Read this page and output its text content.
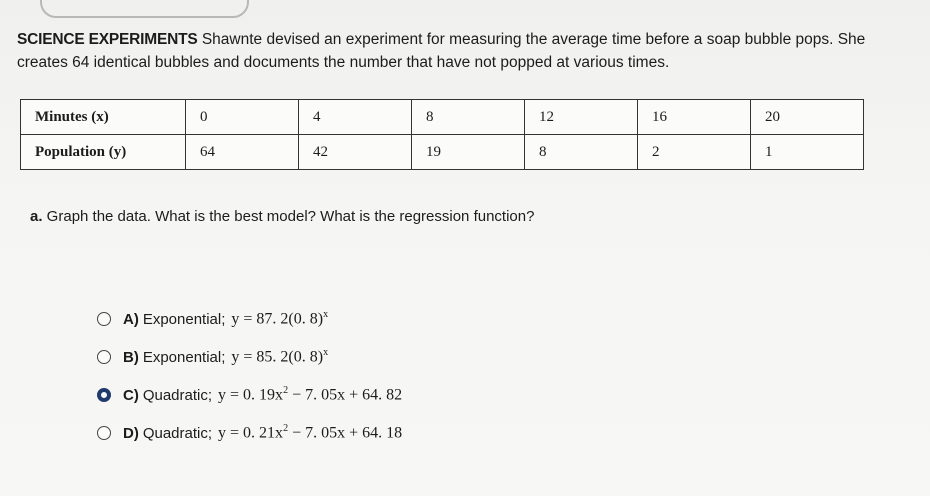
SCIENCE EXPERIMENTS Shawnte devised an experiment for measuring the average time before a soap bubble pops. She creates 64 identical bubbles and documents the number that have not popped at various times.
Minutes (x)	0	4	8	12	16	20
Population (y)	64	42	19	8	2	1
a. Graph the data. What is the best model? What is the regression function?
A) Exponential; y = 87. 2(0. 8)$^x$
B) Exponential; y = 85. 2(0. 8)$^x$
C) Quadratic; y = 0. $19x^2 - 7$. 05x + 64. 82
D) Quadratic; y = 0. $21x^2 - 7$. 05x + 64. 18
